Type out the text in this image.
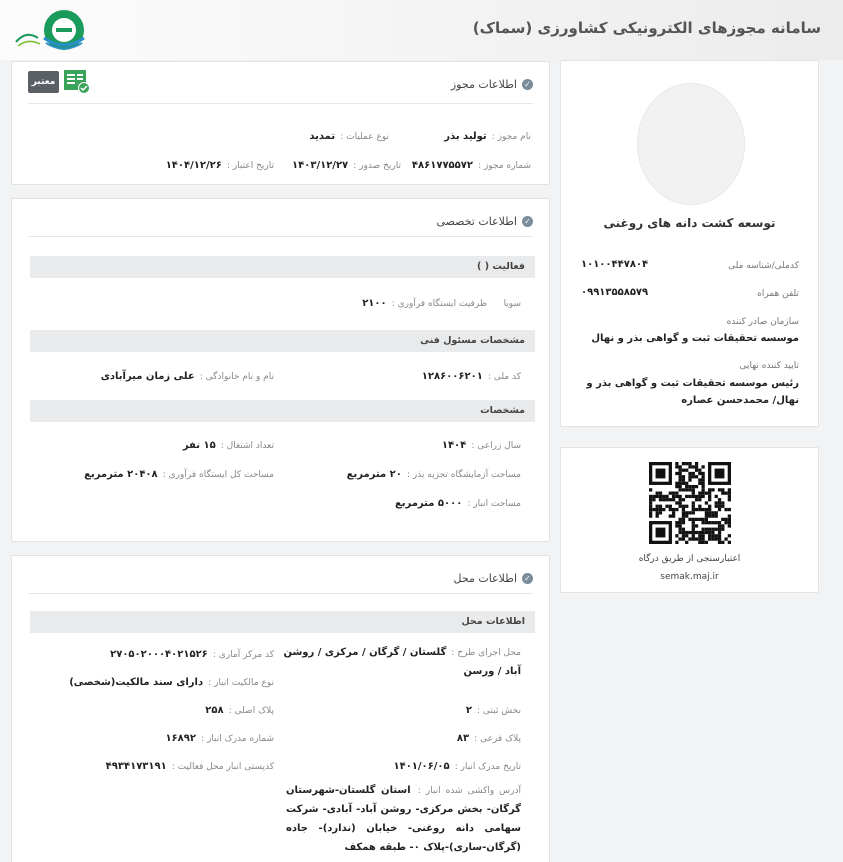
سامانه مجوزهای الکترونیکی کشاورزی (سماک)
✓
اطلاعات مجوز
معتبر
نام مجوز : تولید بذر
نوع عملیات : تمدید
شماره مجوز : ۴۸۶۱۷۷۵۵۷۲
تاریخ صدور : ۱۴۰۳/۱۲/۲۷
تاریخ اعتبار : ۱۴۰۴/۱۲/۲۶
✓
اطلاعات تخصصی
فعالیت ( )
سویا
ظرفیت ایستگاه فرآوری : ۲۱۰۰
مشخصات مسئول فنی
کد ملی : ۱۲۸۶۰۰۶۲۰۱
نام و نام خانوادگی : علی زمان میرآبادی
مشخصات
سال زراعی : ۱۴۰۴
تعداد اشتغال : ۱۵ نفر
مساحت آزمایشگاه تجزیه بذر : ۲۰ مترمربع
مساحت کل ایستگاه فرآوری : ۲۰۴۰۸ مترمربع
مساحت انبار : ۵۰۰۰ مترمربع
✓
اطلاعات محل
اطلاعات محل
محل اجرای طرح : گلستان / گرگان / مرکزی / روشن آباد / ورسن
کد مرکز آماری : ۲۷۰۵۰۲۰۰۰۴۰۲۱۵۲۶
نوع مالکیت انبار : دارای سند مالکیت(شخصی)
بخش ثبتی : ۲
پلاک اصلی : ۲۵۸
پلاک فرعی : ۸۳
شماره مدرک انبار : ۱۶۸۹۲
تاریخ مدرک انبار : ۱۴۰۱/۰۶/۰۵
کدپستی انبار محل فعالیت : ۴۹۳۴۱۷۳۱۹۱
آدرس واکشی شده انبار : استان گلستان-شهرستان گرگان- بخش مرکزی- روشن آباد- آبادی- شرکت سهامی دانه روغنی- خیابان (ندارد)- جاده (گرگان-ساری)-پلاک ۰- طبقه همکف
توسعه کشت دانه های روغنی
کدملی/شناسه ملی
۱۰۱۰۰۴۴۷۸۰۴
تلفن همراه
۰۹۹۱۳۵۵۸۵۷۹
سازمان صادر کننده
موسسه تحقیقات ثبت و گواهی بذر و نهال
تایید کننده نهایی
رئیس موسسه تحقیقات ثبت و گواهی بذر و نهال/ محمدحسن عصاره
اعتبارسنجی از طریق درگاه
semak.maj.ir
